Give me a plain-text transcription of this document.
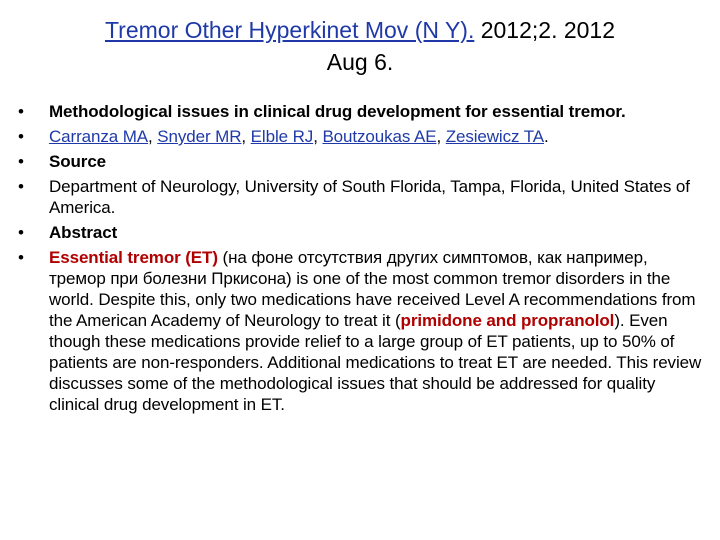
Tremor Other Hyperkinet Mov (N Y). 2012;2. 2012
Aug 6.
•	Methodological issues in clinical drug development for essential tremor.
•	Carranza MA, Snyder MR, Elble RJ, Boutzoukas AE, Zesiewicz TA.
•	Source
•	Department of Neurology, University of South Florida, Tampa, Florida, United States of America.
•	Abstract
•	Essential tremor (ET) (на фоне отсутствия других симптомов, как например, тремор при болезни Пркисона) is one of the most common tremor disorders in the world. Despite this, only two medications have received Level A recommendations from the American Academy of Neurology to treat it (primidone and propranolol). Even though these medications provide relief to a large group of ET patients, up to 50% of patients are non-responders. Additional medications to treat ET are needed. This review discusses some of the methodological issues that should be addressed for quality clinical drug development in ET.
